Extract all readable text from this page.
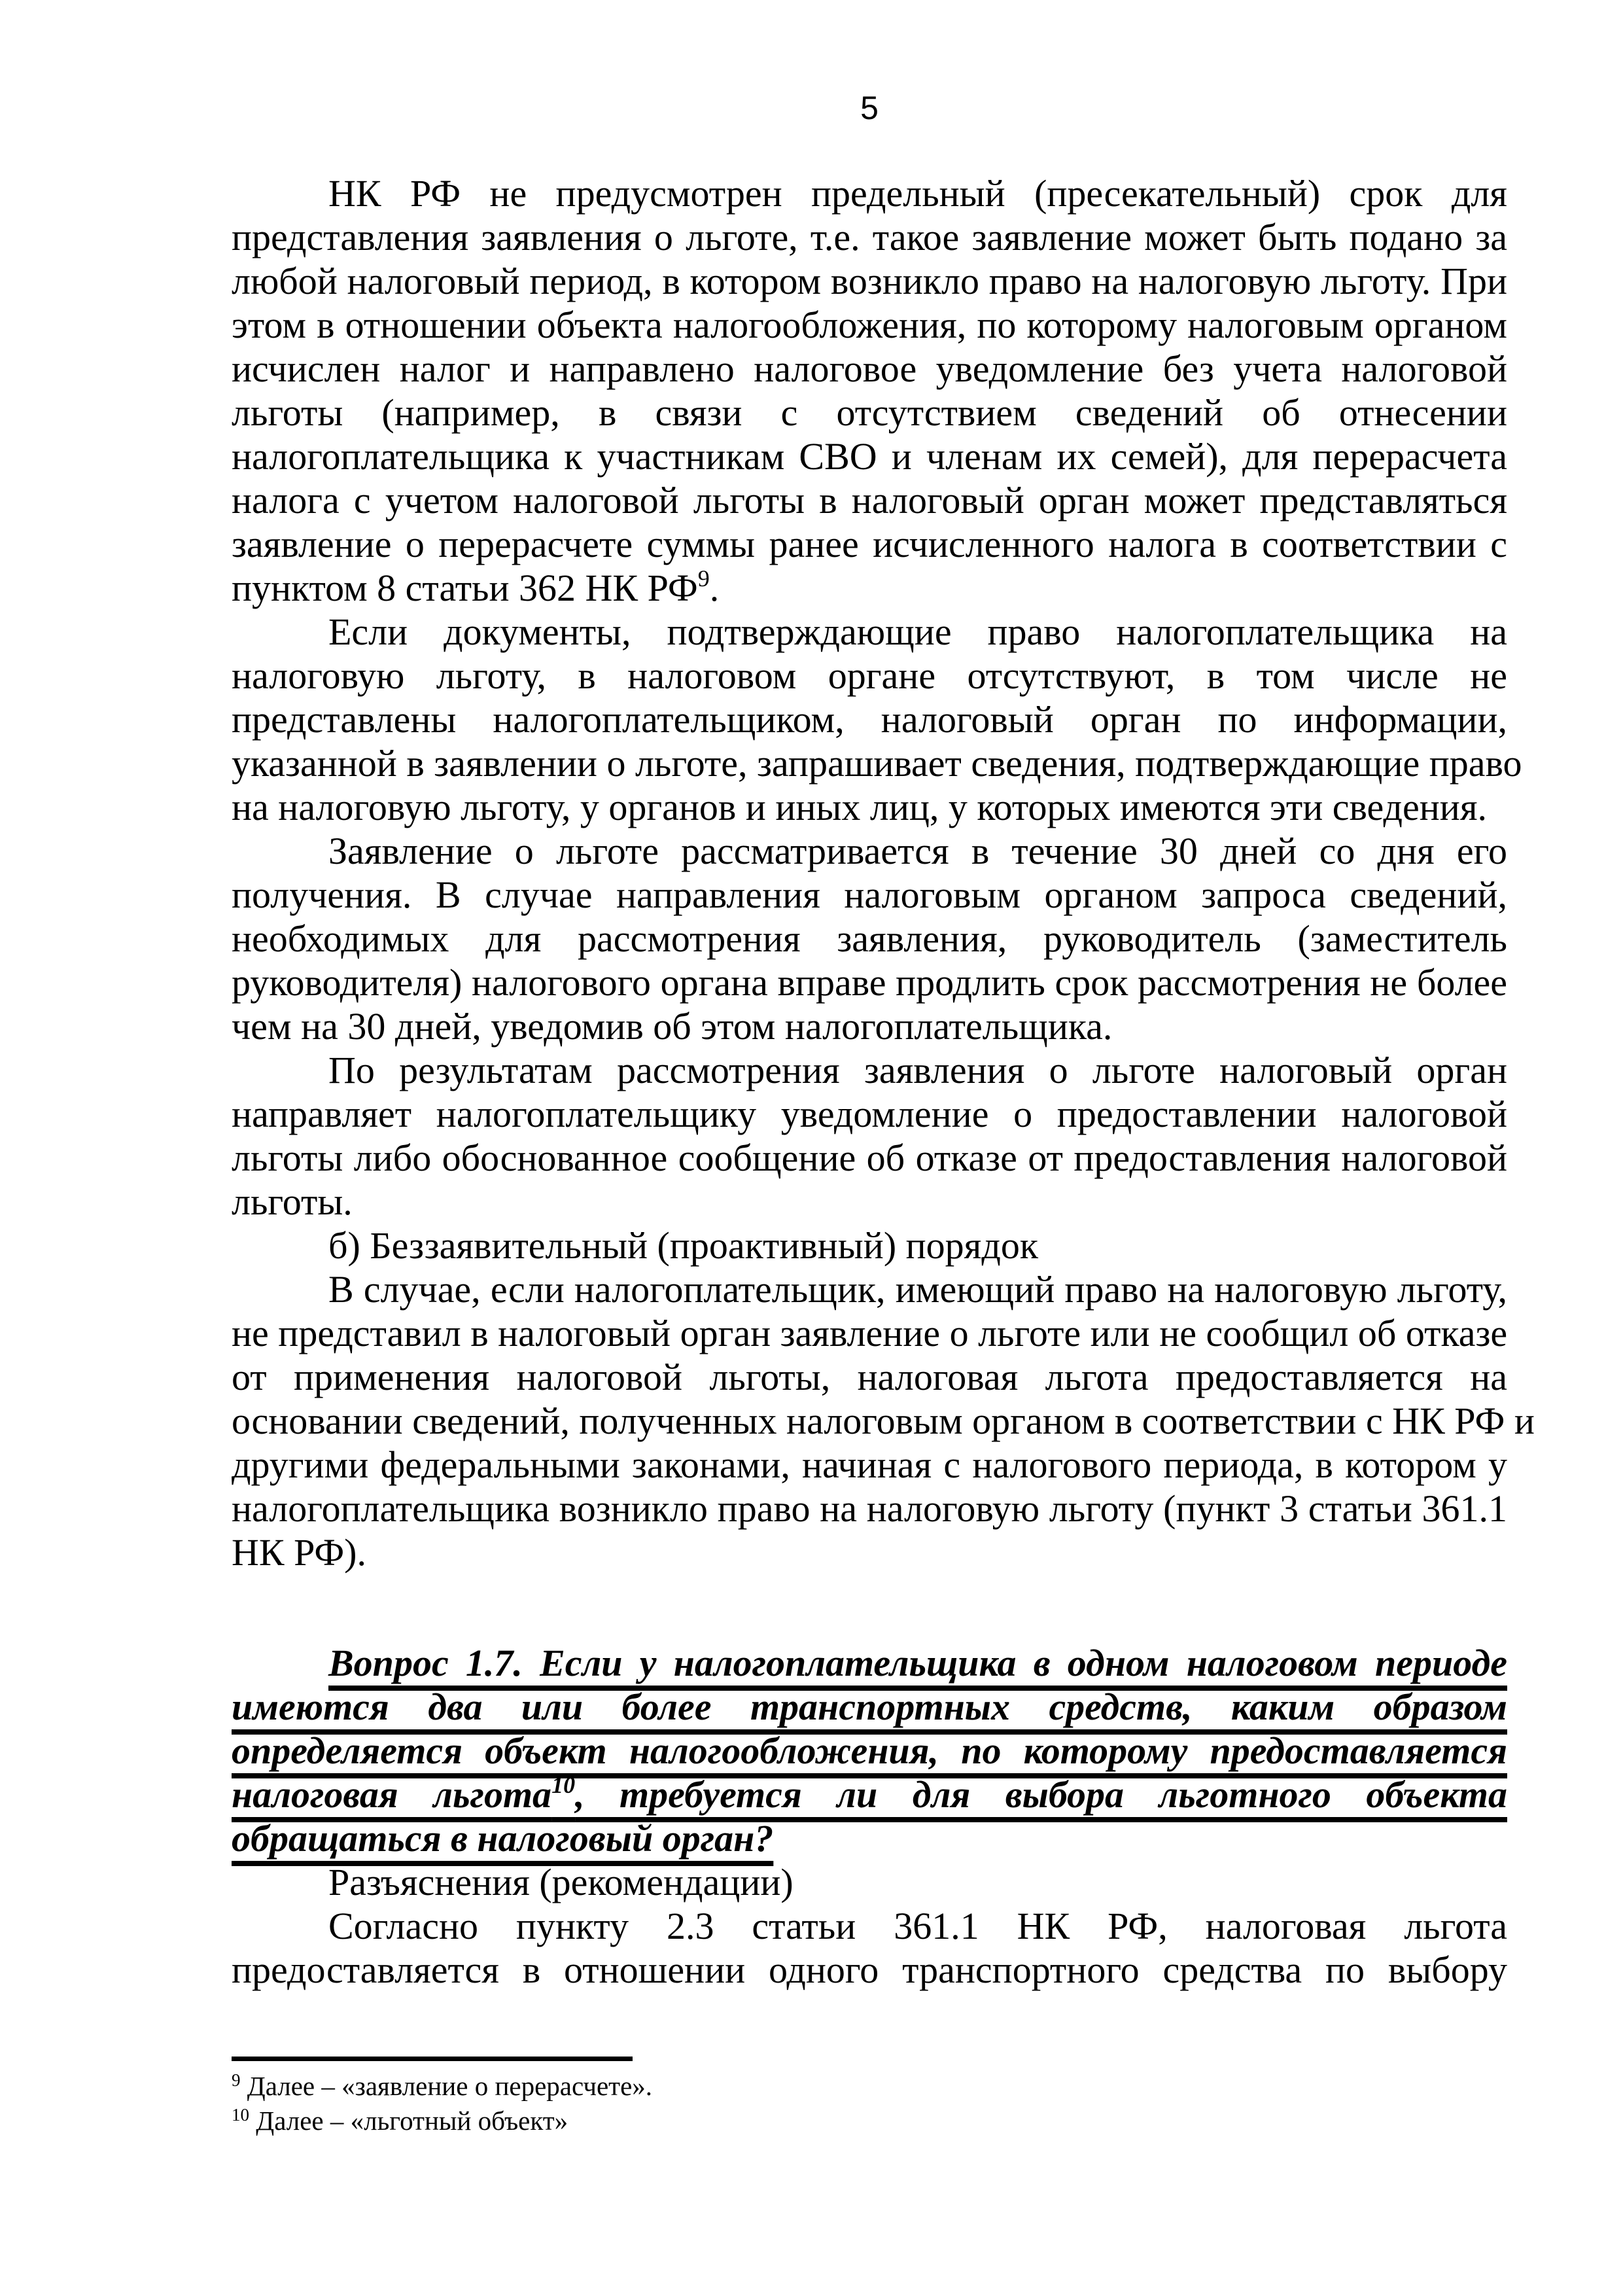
5
НК РФ не предусмотрен предельный (пресекательный) срок для
представления заявления о льготе, т.е. такое заявление может быть подано за
любой налоговый период, в котором возникло право на налоговую льготу. При
этом в отношении объекта налогообложения, по которому налоговым органом
исчислен налог и направлено налоговое уведомление без учета налоговой
льготы (например, в связи с отсутствием сведений об отнесении
налогоплательщика к участникам СВО и членам их семей), для перерасчета
налога с учетом налоговой льготы в налоговый орган может представляться
заявление о перерасчете суммы ранее исчисленного налога в соответствии с
пунктом 8 статьи 362 НК РФ$^9$.
Если документы, подтверждающие право налогоплательщика на
налоговую льготу, в налоговом органе отсутствуют, в том числе не
представлены налогоплательщиком, налоговый орган по информации,
указанной в заявлении о льготе, запрашивает сведения, подтверждающие право
на налоговую льготу, у органов и иных лиц, у которых имеются эти сведения.
Заявление о льготе рассматривается в течение 30 дней со дня его
получения. В случае направления налоговым органом запроса сведений,
необходимых для рассмотрения заявления, руководитель (заместитель
руководителя) налогового органа вправе продлить срок рассмотрения не более
чем на 30 дней, уведомив об этом налогоплательщика.
По результатам рассмотрения заявления о льготе налоговый орган
направляет налогоплательщику уведомление о предоставлении налоговой
льготы либо обоснованное сообщение об отказе от предоставления налоговой
льготы.
б) Беззаявительный (проактивный) порядок
В случае, если налогоплательщик, имеющий право на налоговую льготу,
не представил в налоговый орган заявление о льготе или не сообщил об отказе
от применения налоговой льготы, налоговая льгота предоставляется на
основании сведений, полученных налоговым органом в соответствии с НК РФ и
другими федеральными законами, начиная с налогового периода, в котором у
налогоплательщика возникло право на налоговую льготу (пункт 3 статьи 361.1
НК РФ).
Вопрос 1.7. Если у налогоплательщика в одном налоговом периоде
имеются два или более транспортных средств, каким образом
определяется объект налогообложения, по которому предоставляется
налоговая льгота$^{10}$, требуется ли для выбора льготного объекта
обращаться в налоговый орган?
Разъяснения (рекомендации)
Согласно пункту 2.3 статьи 361.1 НК РФ, налоговая льгота
предоставляется в отношении одного транспортного средства по выбору
$^9$ Далее – «заявление о перерасчете».
$^{10}$ Далее – «льготный объект»
